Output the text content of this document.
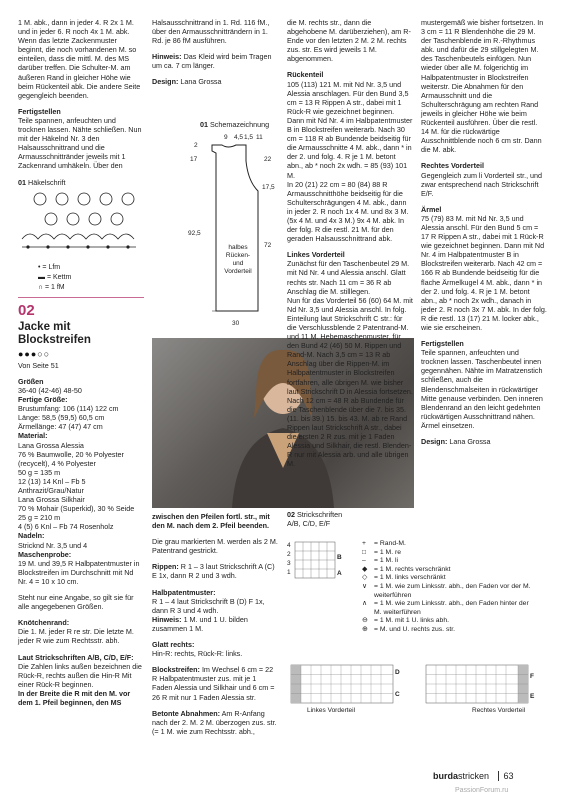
1 M. abk., dann in jeder 4. R 2x 1 M. und in jeder 6. R noch 4x 1 M. abk. Wenn das letzte Zackenmuster beginnt, die noch vorhandenen M. so einteilen, dass die mittl. M. des MS darüber treffen. Die Schulter-M. am äußeren Rand in gleicher Höhe wie beim Rückenteil abk. Die andere Seite gegengleich beenden.

Fertigstellen

Teile spannen, anfeuchten und trocknen lassen. Nähte schließen. Nun mit der Häkelnd Nr. 3 den Halsausschnittrand und die Armausschnittränder jeweils mit 1 Zackenrand umhäkeln. Über den

01 Häkelschrift

• = Lfm
▬ = Kettm
∩ = 1 fM
02
Jacke mit Blockstreifen
●●●○○

Von Seite 51

Größen

36-40 (42-46) 48-50

Fertige Größe:

Brustumfang: 106 (114) 122 cm
Länge: 58,5 (59,5) 60,5 cm
Ärmellänge: 47 (47) 47 cm

Material:

Lana Grossa Alessia
76 % Baumwolle, 20 % Polyester (recycelt), 4 % Polyester
50 g = 135 m
12 (13) 14 Knl – Fb 5 Anthrazit/Grau/Natur
Lana Grossa Silkhair
70 % Mohair (Superkid), 30 % Seide
25 g = 210 m
4 (5) 6 Knl – Fb 74 Rosenholz

Nadeln:

Stricknd Nr. 3,5 und 4

Maschenprobe:

19 M. und 39,5 R Halbpatentmuster in Blockstreifen im Durchschnitt mit Nd Nr. 4 = 10 x 10 cm.

Steht nur eine Angabe, so gilt sie für alle angegebenen Größen.

Knötchenrand:

Die 1. M. jeder R re str. Die letzte M. jeder R wie zum Rechtsstr. abh.

Laut Strickschriften A/B, C/D, E/F: Die Zahlen links außen bezeichnen die Rück-R, rechts außen die Hin-R Mit einer Rück-R beginnen.

In der Breite die R mit den M. vor dem 1. Pfeil beginnen, den MS

Halsausschnittrand in 1. Rd. 116 fM., über den Armausschnitträndern in 1. Rd. je 86 fM ausführen.

Hinweis: Das Kleid wird beim Tragen um ca. 7 cm länger.

Design: Lana Grossa

01 Schemazeichnung
9 4,5 1,5 11
2
17	22
17,5
92,5
72
30
halbes
Rücken-
und
Vorderteil

zwischen den Pfeilen fortl. str., mit den M. nach dem 2. Pfeil beenden.

Die grau markierten M. werden als 2 M. Patentrand gestrickt.

Rippen: R 1 – 3 laut Strickschrift A (C) E 1x, dann R 2 und 3 wdh.

Halbpatentmuster:

R 1 – 4 laut Strickschrift B (D) F 1x, dann R 3 und 4 wdh.

Hinweis: 1 M. und 1 U. bilden zusammen 1 M.

Glatt rechts:

Hin-R: rechts, Rück-R: links.

Blockstreifen: Im Wechsel 6 cm = 22 R Halbpatentmuster zus. mit je 1 Faden Alessia und Silkhair und 6 cm = 26 R mit nur 1 Faden Alessia str.

Betonte Abnahmen: Am R-Anfang nach der 2. M. 2 M. überzogen zus. str. (= 1 M. wie zum Rechtsstr. abh.,

die M. rechts str., dann die abgehobene M. darüberziehen), am R-Ende vor den letzten 2 M. 2 M. rechts zus. str. Es wird jeweils 1 M. abgenommen.

Rückenteil

105 (113) 121 M. mit Nd Nr. 3,5 und Alessia anschlagen. Für den Bund 3,5 cm = 13 R Rippen A str., dabei mit 1 Rück-R wie gezeichnet beginnen. Dann mit Nd Nr. 4 im Halbpatentmuster B in Blockstreifen weiterarb. Nach 30 cm = 118 R ab Bundende beidseitig für die Armausschnitte 4 M. abk., dann * in der 2. und folg. 4. R je 1 M. betont abn., ab * noch 2x wdh. = 85 (93) 101 M.
In 20 (21) 22 cm = 80 (84) 88 R Armausschnitthöhe beidseitig für die Schulterschrägungen 4 M. abk., dann in jeder 2. R noch 1x 4 M. und 8x 3 M. (5x 4 M. und 4x 3 M.) 9x 4 M. abk. In der folg. R die restl. 21 M. für den geraden Halsausschnittrand abk.

Linkes Vorderteil

Zunächst für den Taschenbeutel 29 M. mit Nd Nr. 4 und Alessia anschl. Glatt rechts str. Nach 11 cm = 36 R ab Anschlag die M. stilllegen.
Nun für das Vorderteil 56 (60) 64 M. mit Nd Nr. 3,5 und Alessia anschl. In folg. Einteilung laut Strickschrift C str.: für die Verschlussblende 2 Patentrand-M. und 11 M. Hebemaschenmuster, für den Bund 42 (46) 50 M. Rippen und Rand-M. Nach 3,5 cm = 13 R ab Anschlag über die Rippen-M. im Halbpatentmuster in Blockstreifen fortfahren, alle übrigen M. wie bisher laut Strickschrift D in Alessia fortsetzen. Nach 12 cm = 48 R ab Bundende für die Taschenblende über die 7. bis 35. (11. bis 39.) 15. bis 43. M. ab re Rand Rippen laut Strickschrift A str., dabei die ersten 2 R zus. mit je 1 Faden Alessia und Silkhair, die restl. Blenden-R nur mit Alessia arb. und alle übrigen M.

mustergemäß wie bisher fortsetzen. In 3 cm = 11 R Blendenhöhe die 29 M. der Taschenblende im R.-Rhythmus abk. und dafür die 29 stillgelegten M. des Taschenbeutels einfügen. Nun wieder über alle M. folgerichtig im Halbpatentmuster in Blockstreifen weiterstr. Die Abnahmen für den Armausschnitt und die Schulterschrägung am rechten Rand jeweils in gleicher Höhe wie beim Rückenteil ausführen. Über die restl. 14 M. für die rückwärtige Ausschnittblende noch 6 cm str. Dann die M. abk.

Rechtes Vorderteil

Gegengleich zum li Vorderteil str., und zwar entsprechend nach Strickschrift E/F.

Ärmel

75 (79) 83 M. mit Nd Nr. 3,5 und Alessia anschl. Für den Bund 5 cm = 17 R Rippen A str., dabei mit 1 Rück-R wie gezeichnet beginnen. Dann mit Nd Nr. 4 im Halbpatentmuster B in Blockstreifen weiterarb. Nach 42 cm = 166 R ab Bundende beidseitig für die flache Ärmelkugel 4 M. abk., dann * in der 2. und folg. 4. R je 1 M. betont abn., ab * noch 2x wdh., danach in jeder 2. R noch 3x 7 M. abk. In der folg. R die restl. 13 (17) 21 M. locker abk., wie sie erscheinen.

Fertigstellen

Teile spannen, anfeuchten und trocknen lassen. Taschenbeutel innen gegennähen. Nähte im Matratzenstich schließen, auch die Blendenschmalseiten in rückwärtiger Mitte genause verbinden. Den inneren Blendenrand an den leicht gedehnten rückwärtigen Ausschnittrand nähen.
Ärmel einsetzen.

Design: Lana Grossa

02 Strickschriften
A/B, C/D, E/F
4
2	B
3
1	A
+ = Rand-M.
□ = 1 M. re
– = 1 M. li
◆ = 1 M. rechts verschränkt
◇ = 1 M. links verschränkt
∨	= 1 M. wie zum Linksstr. abh., den Faden vor der M. weiterführen
∧	= 1 M. wie zum Linksstr. abh., den Faden hinter der M. weiterführen
⊖ = 1 M. mit 1 U. links abh.
⊕ = M. und U. rechts zus. str.
D
C
Linkes Vorderteil
F
E
Rechtes Vorderteil
burdastricken 63
PassionForum.ru
